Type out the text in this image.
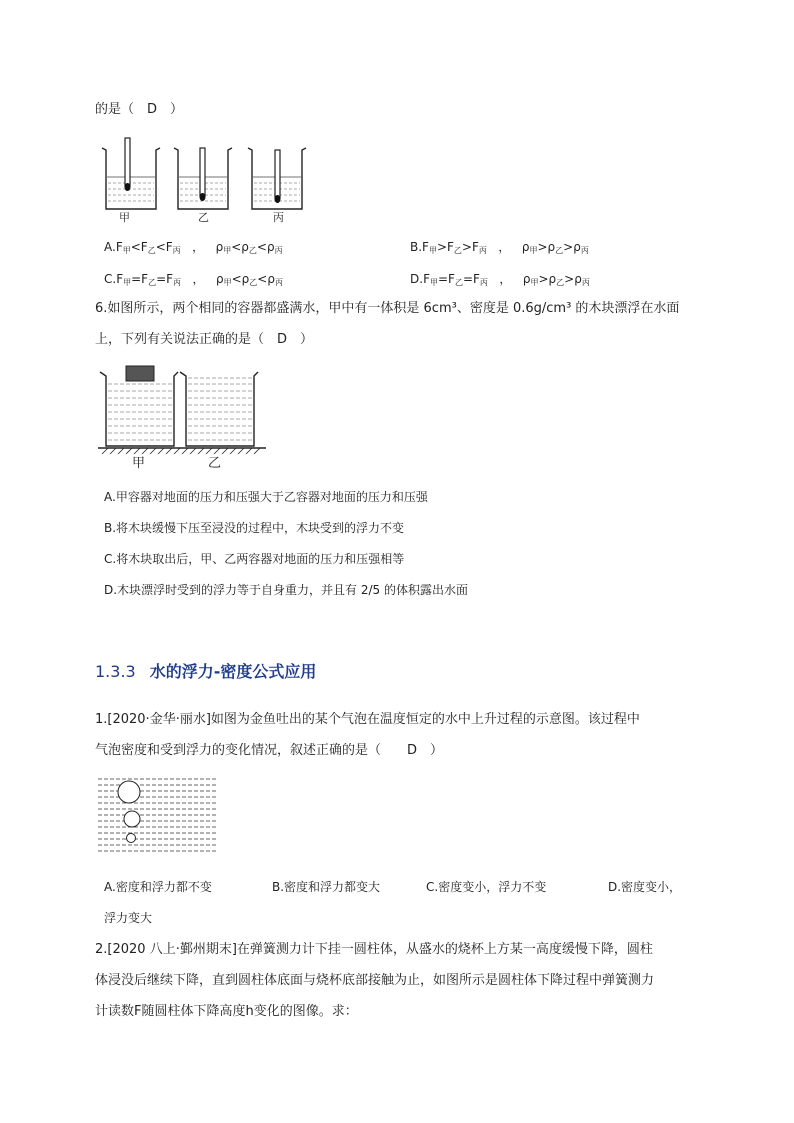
的是（　D　）
甲	乙	丙
$A.F_甲<F_乙<F_丙$ ， $\rho_甲<\rho_乙<\rho_丙$	$B.F_甲>F_乙>F_丙$ ， $\rho_甲>\rho_乙>\rho_丙$
$C.F_甲=F_乙=F_丙$ ， $\rho_甲<\rho_乙<\rho_丙$	$D.F_甲=F_乙=F_丙$ ， $\rho_甲>\rho_乙>\rho_丙$
6.如图所示，两个相同的容器都盛满水，甲中有一体积是 6cm³、密度是 0.6g/cm³ 的木块漂浮在水面
上，下列有关说法正确的是（　D　）
甲	乙
A.甲容器对地面的压力和压强大于乙容器对地面的压力和压强
B.将木块缓慢下压至浸没的过程中，木块受到的浮力不变
C.将木块取出后，甲、乙两容器对地面的压力和压强相等
D.木块漂浮时受到的浮力等于自身重力，并且有 2/5 的体积露出水面
1.3.3 水的浮力-密度公式应用
1.[2020·金华·丽水]如图为金鱼吐出的某个气泡在温度恒定的水中上升过程的示意图。该过程中
气泡密度和受到浮力的变化情况，叙述正确的是（　　D　）
A.密度和浮力都不变	B.密度和浮力都变大	C.密度变小，浮力不变	D.密度变小，
浮力变大
2.[2020 八上·鄞州期末]在弹簧测力计下挂一圆柱体，从盛水的烧杯上方某一高度缓慢下降，圆柱
体浸没后继续下降，直到圆柱体底面与烧杯底部接触为止，如图所示是圆柱体下降过程中弹簧测力
计读数F随圆柱体下降高度h变化的图像。求：
